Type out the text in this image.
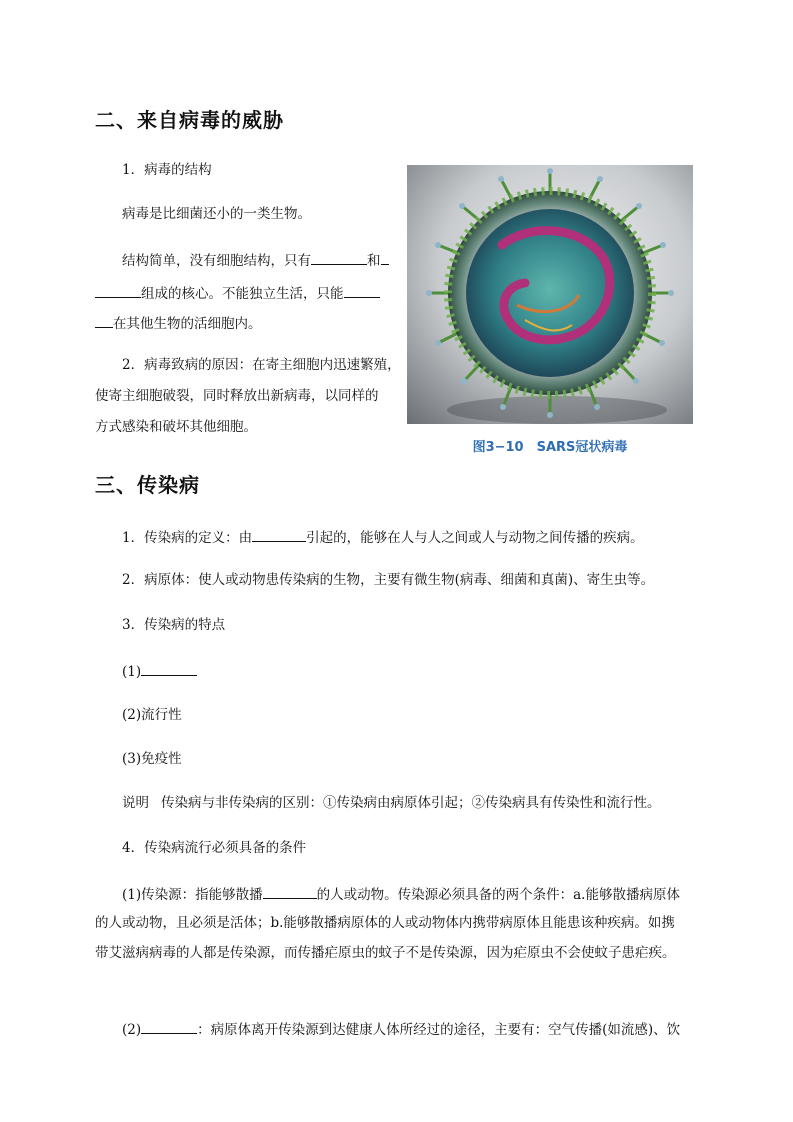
二、来自病毒的威胁
1．病毒的结构
病毒是比细菌还小的一类生物。
结构简单，没有细胞结构，只有	和
组成的核心。不能独立生活，只能
在其他生物的活细胞内。
2．病毒致病的原因：在寄主细胞内迅速繁殖，
使寄主细胞破裂，同时释放出新病毒，以同样的
方式感染和破坏其他细胞。
图3−10　SARS冠状病毒
三、传染病
1．传染病的定义：由	引起的，能够在人与人之间或人与动物之间传播的疾病。
2．病原体：使人或动物患传染病的生物，主要有微生物(病毒、细菌和真菌)、寄生虫等。
3．传染病的特点
(1)
(2)流行性
(3)免疫性
说明 传染病与非传染病的区别：①传染病由病原体引起；②传染病具有传染性和流行性。
4．传染病流行必须具备的条件
(1)传染源：指能够散播	的人或动物。传染源必须具备的两个条件：a.能够散播病原体
的人或动物，且必须是活体；b.能够散播病原体的人或动物体内携带病原体且能患该种疾病。如携
带艾滋病病毒的人都是传染源，而传播疟原虫的蚊子不是传染源，因为疟原虫不会使蚊子患疟疾。
(2)	：病原体离开传染源到达健康人体所经过的途径，主要有：空气传播(如流感)、饮
